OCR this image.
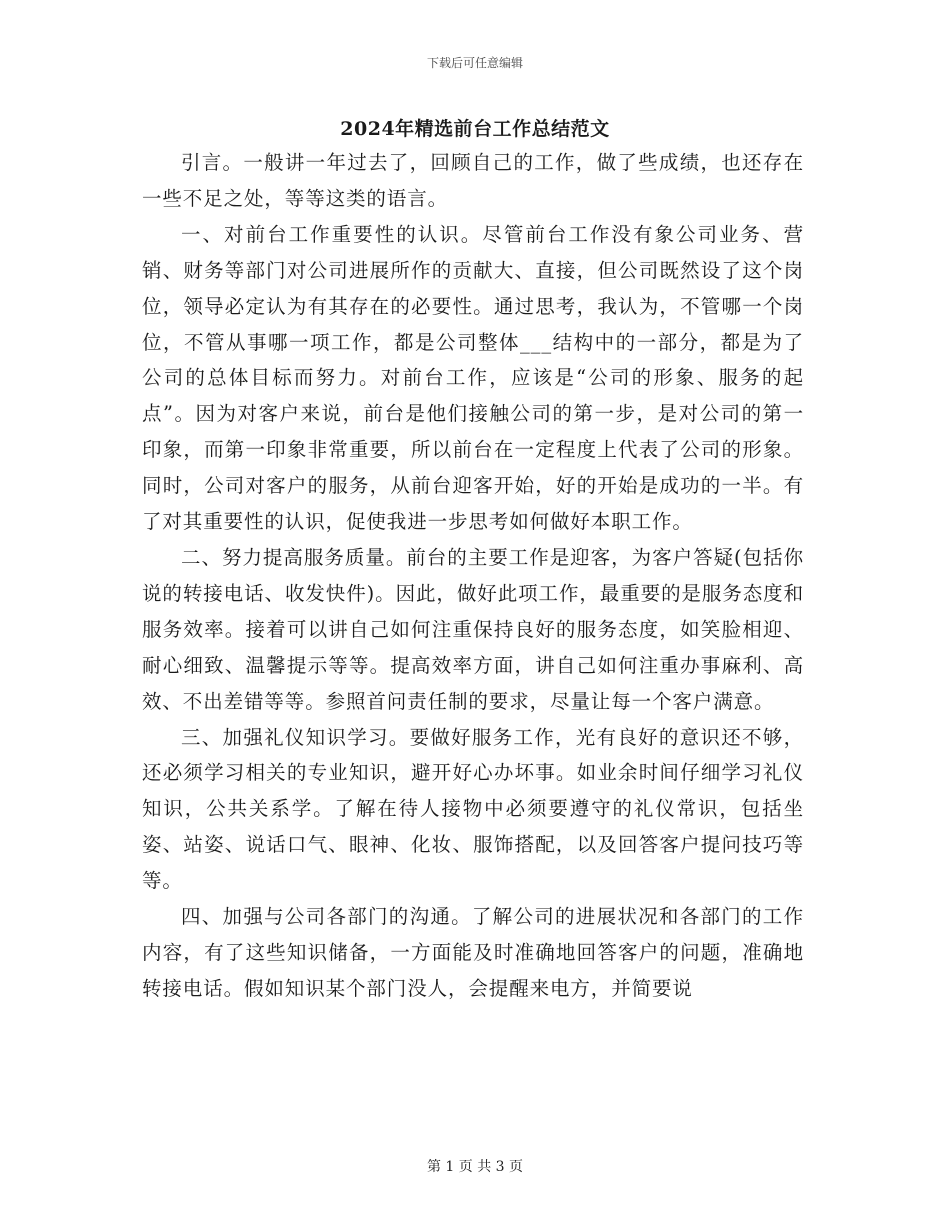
下载后可任意编辑
2024年精选前台工作总结范文

引言。一般讲一年过去了，回顾自己的工作，做了些成绩，也还存在一些不足之处，等等这类的语言。

一、对前台工作重要性的认识。尽管前台工作没有象公司业务、营销、财务等部门对公司进展所作的贡献大、直接，但公司既然设了这个岗位，领导必定认为有其存在的必要性。通过思考，我认为，不管哪一个岗位，不管从事哪一项工作，都是公司整体___结构中的一部分，都是为了公司的总体目标而努力。对前台工作，应该是“公司的形象、服务的起点”。因为对客户来说，前台是他们接触公司的第一步，是对公司的第一印象，而第一印象非常重要，所以前台在一定程度上代表了公司的形象。同时，公司对客户的服务，从前台迎客开始，好的开始是成功的一半。有了对其重要性的认识，促使我进一步思考如何做好本职工作。

二、努力提高服务质量。前台的主要工作是迎客，为客户答疑(包括你说的转接电话、收发快件)。因此，做好此项工作，最重要的是服务态度和服务效率。接着可以讲自己如何注重保持良好的服务态度，如笑脸相迎、耐心细致、温馨提示等等。提高效率方面，讲自己如何注重办事麻利、高效、不出差错等等。参照首问责任制的要求，尽量让每一个客户满意。

三、加强礼仪知识学习。要做好服务工作，光有良好的意识还不够，还必须学习相关的专业知识，避开好心办坏事。如业余时间仔细学习礼仪知识，公共关系学。了解在待人接物中必须要遵守的礼仪常识，包括坐姿、站姿、说话口气、眼神、化妆、服饰搭配，以及回答客户提问技巧等等。

四、加强与公司各部门的沟通。了解公司的进展状况和各部门的工作内容，有了这些知识储备，一方面能及时准确地回答客户的问题，准确地转接电话。假如知识某个部门没人，会提醒来电方，并简要说

第 1 页 共 3 页
